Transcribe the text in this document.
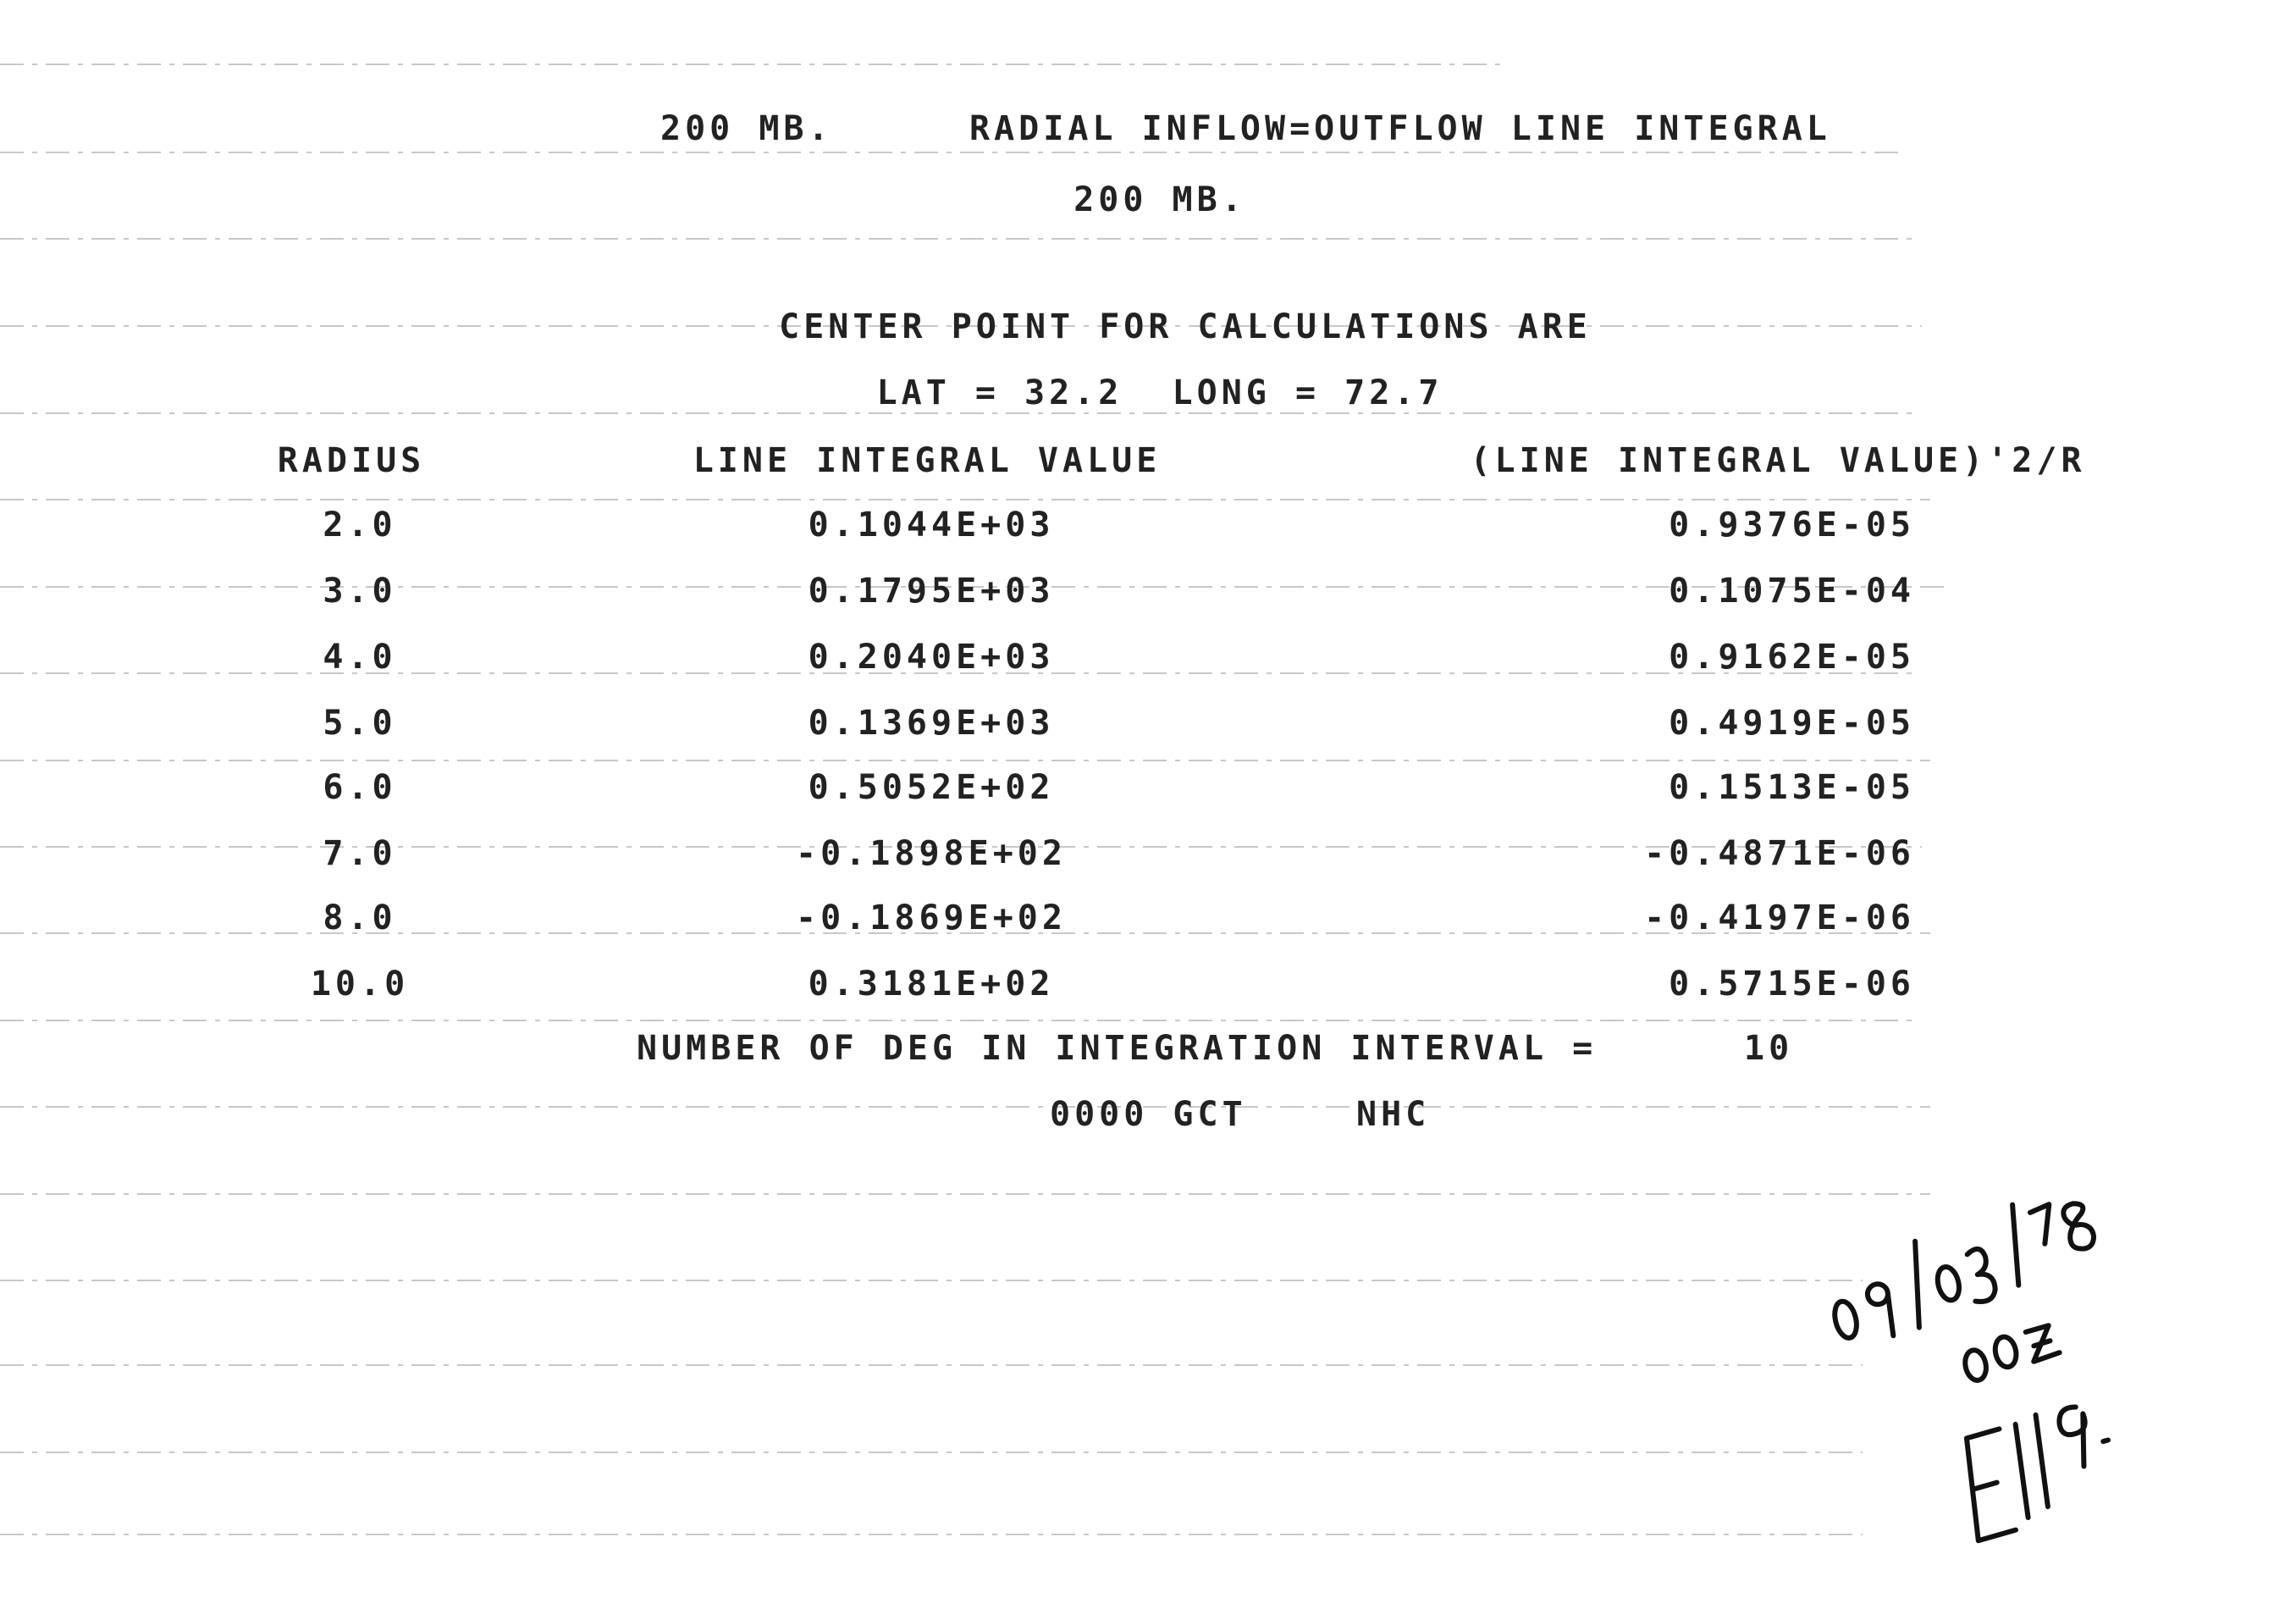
200 MB.	RADIAL INFLOW=OUTFLOW LINE INTEGRAL
200 MB.
CENTER POINT FOR CALCULATIONS ARE
LAT = 32.2  LONG = 72.7
RADIUS	LINE INTEGRAL VALUE	(LINE INTEGRAL VALUE)'2/R
2.0	0.1044E+03	0.9376E-05
3.0	0.1795E+03	0.1075E-04
4.0	0.2040E+03	0.9162E-05
5.0	0.1369E+03	0.4919E-05
6.0	0.5052E+02	0.1513E-05
7.0	-0.1898E+02	-0.4871E-06
8.0	-0.1869E+02	-0.4197E-06
10.0	0.3181E+02	0.5715E-06
NUMBER OF DEG IN INTEGRATION INTERVAL =	10
0000 GCT	NHC
